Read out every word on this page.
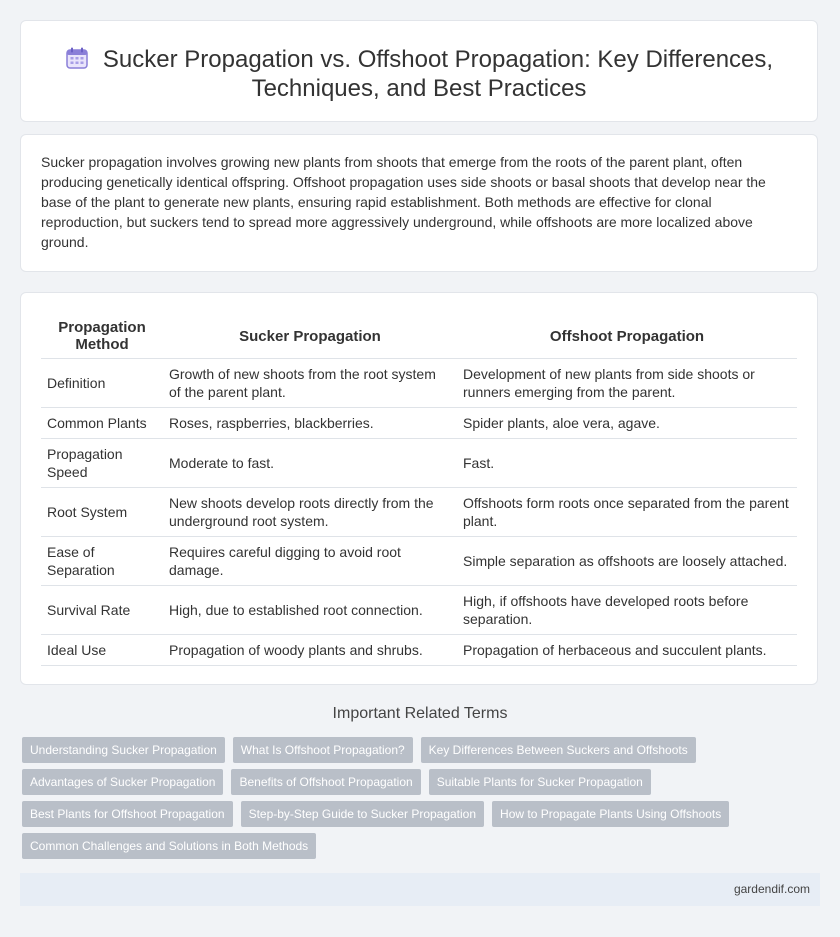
Sucker Propagation vs. Offshoot Propagation: Key Differences,
Techniques, and Best Practices

Sucker propagation involves growing new plants from shoots that emerge from the roots of the parent plant, often producing genetically identical offspring. Offshoot propagation uses side shoots or basal shoots that develop near the base of the plant to generate new plants, ensuring rapid establishment. Both methods are effective for clonal reproduction, but suckers tend to spread more aggressively underground, while offshoots are more localized above ground.

Propagation Method	Sucker Propagation	Offshoot Propagation
Definition	Growth of new shoots from the root system of the parent plant.	Development of new plants from side shoots or runners emerging from the parent.
Common Plants	Roses, raspberries, blackberries.	Spider plants, aloe vera, agave.
Propagation Speed	Moderate to fast.	Fast.
Root System	New shoots develop roots directly from the underground root system.	Offshoots form roots once separated from the parent plant.
Ease of Separation	Requires careful digging to avoid root damage.	Simple separation as offshoots are loosely attached.
Survival Rate	High, due to established root connection.	High, if offshoots have developed roots before separation.
Ideal Use	Propagation of woody plants and shrubs.	Propagation of herbaceous and succulent plants.
Important Related Terms
Understanding Sucker Propagation	What Is Offshoot Propagation?	Key Differences Between Suckers and Offshoots
Advantages of Sucker Propagation	Benefits of Offshoot Propagation	Suitable Plants for Sucker Propagation
Best Plants for Offshoot Propagation	Step-by-Step Guide to Sucker Propagation	How to Propagate Plants Using Offshoots
Common Challenges and Solutions in Both Methods
gardendif.com
